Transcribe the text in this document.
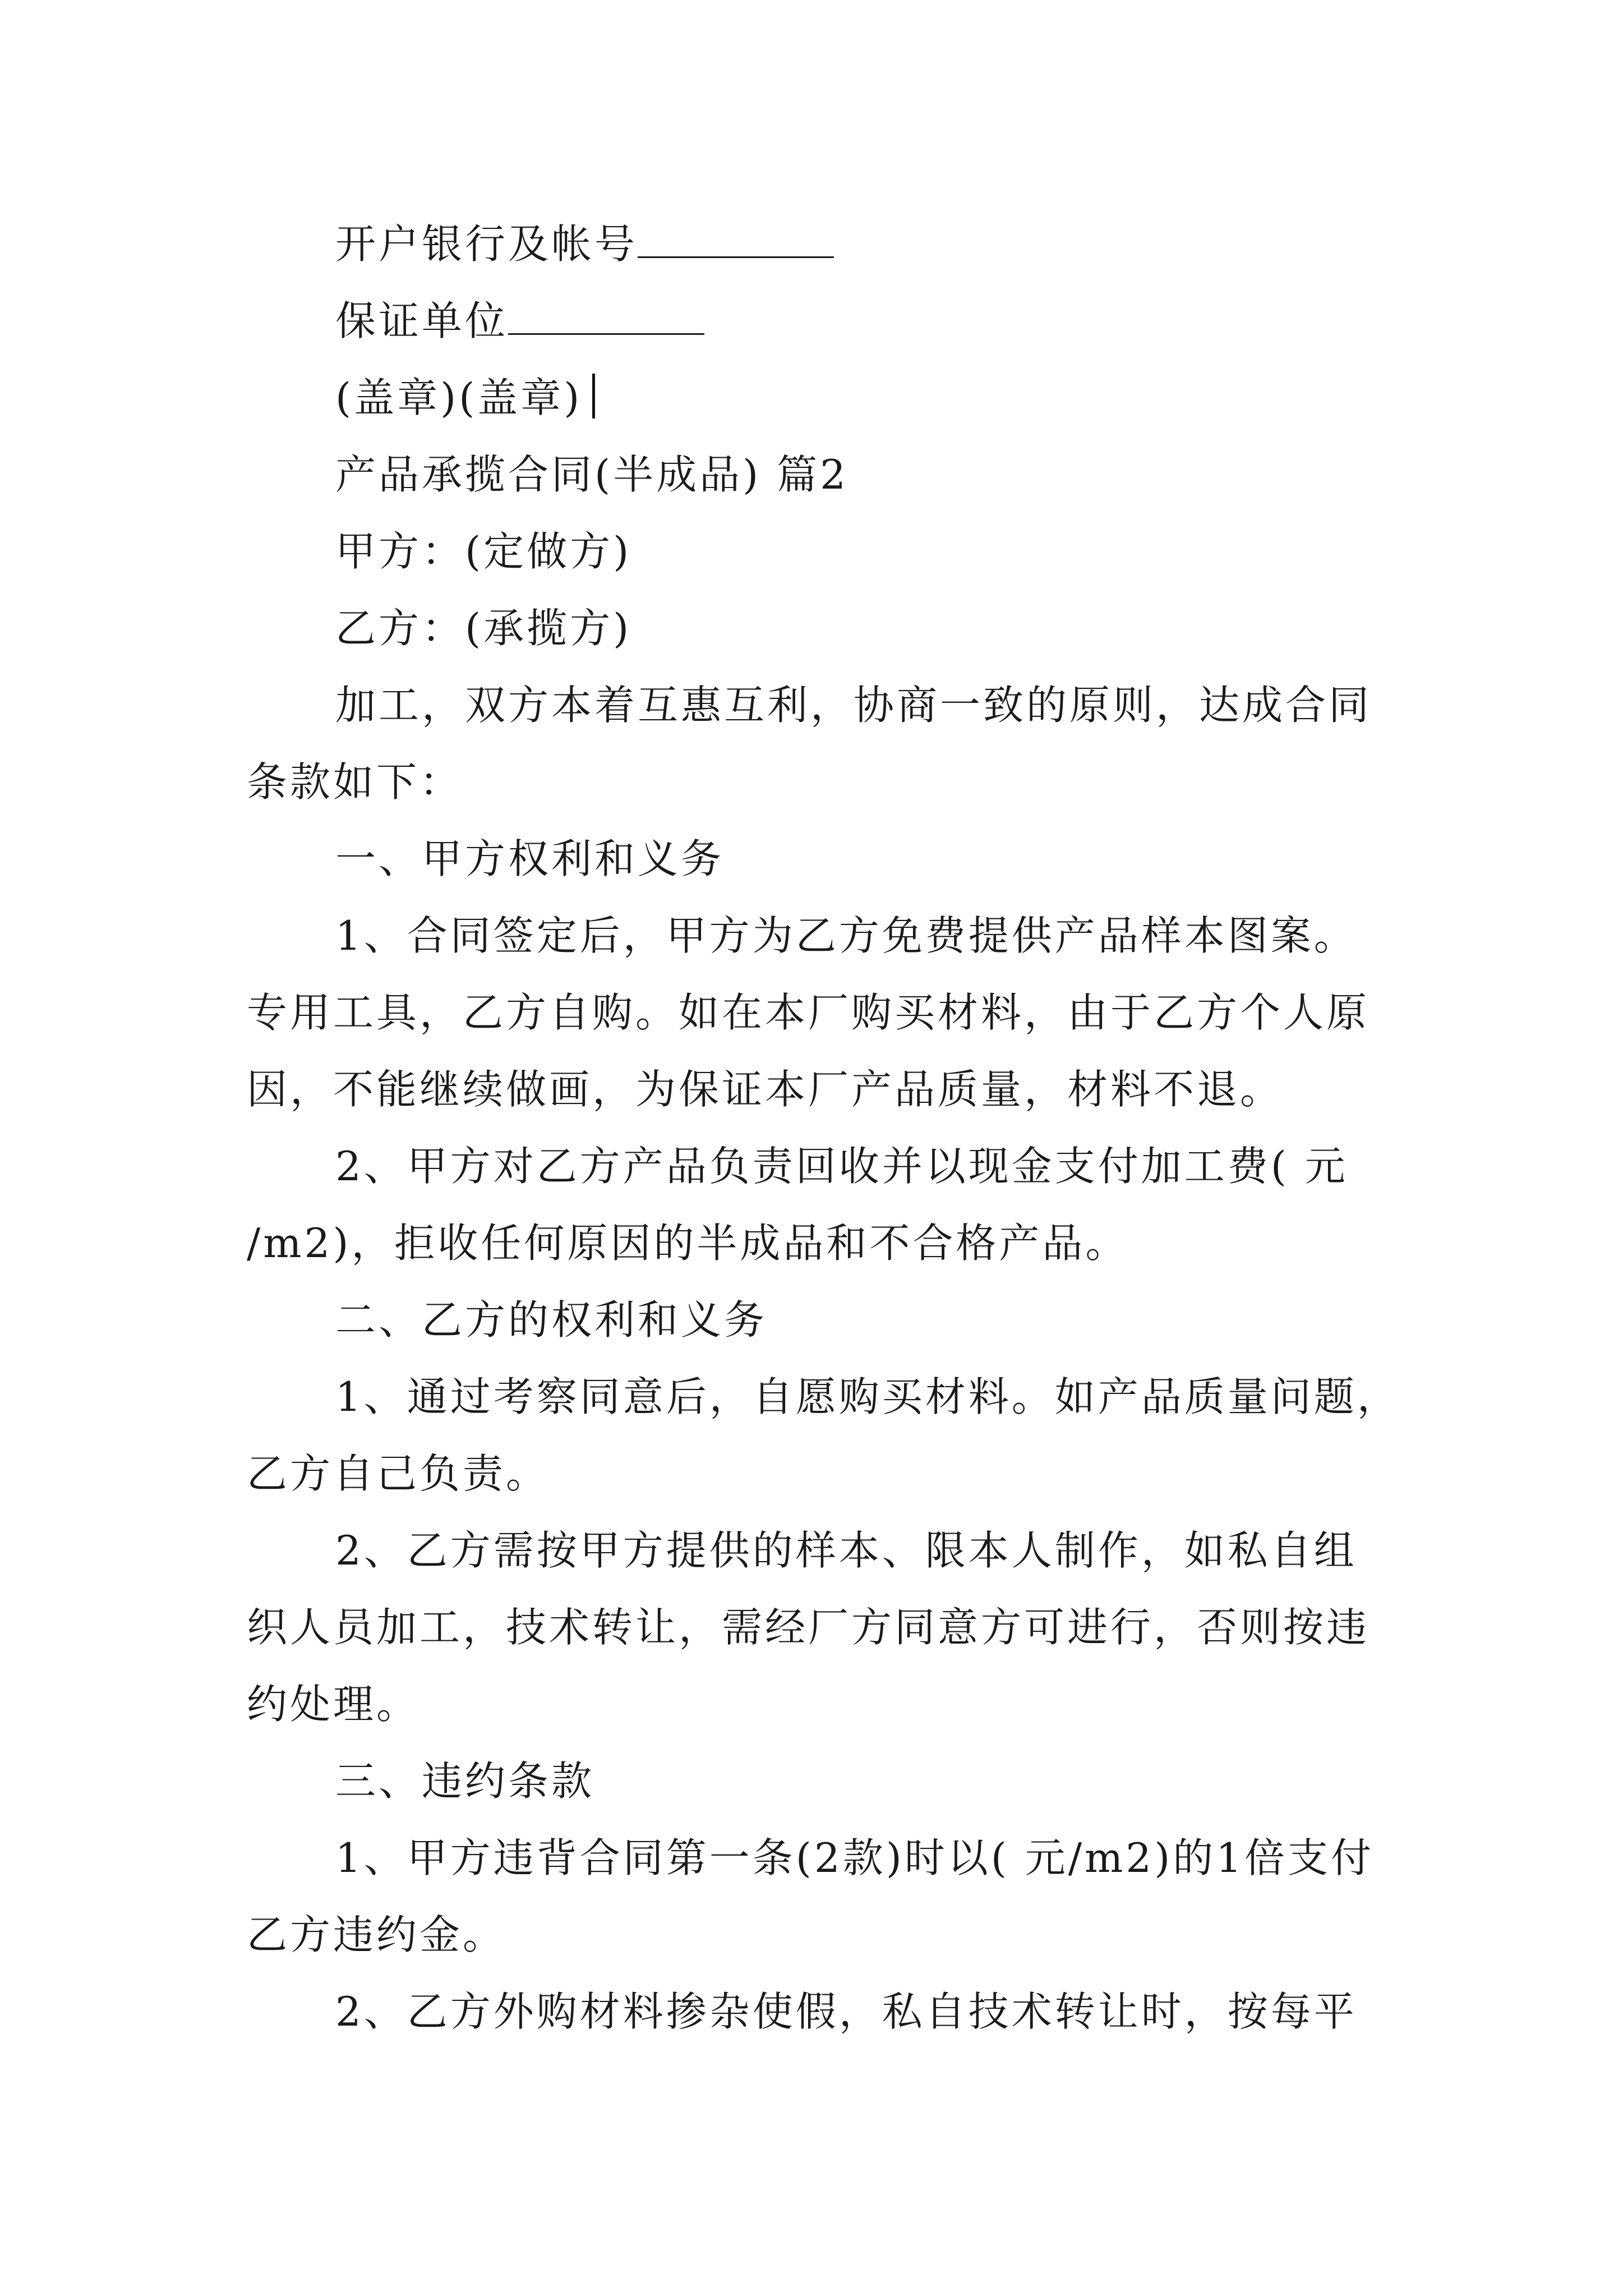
开户银行及帐号
保证单位
(盖章)(盖章)
产品承揽合同(半成品) 篇2
甲方：(定做方)
乙方：(承揽方)
加工，双方本着互惠互利，协商一致的原则，达成合同
条款如下：
一、甲方权利和义务
1、合同签定后，甲方为乙方免费提供产品样本图案。
专用工具，乙方自购。如在本厂购买材料，由于乙方个人原
因，不能继续做画，为保证本厂产品质量，材料不退。
2、甲方对乙方产品负责回收并以现金支付加工费( 元
/m2)，拒收任何原因的半成品和不合格产品。
二、乙方的权利和义务
1、通过考察同意后，自愿购买材料。如产品质量问题，
乙方自己负责。
2、乙方需按甲方提供的样本、限本人制作，如私自组
织人员加工，技术转让，需经厂方同意方可进行，否则按违
约处理。
三、违约条款
1、甲方违背合同第一条(2款)时以( 元/m2)的1倍支付
乙方违约金。
2、乙方外购材料掺杂使假，私自技术转让时，按每平
